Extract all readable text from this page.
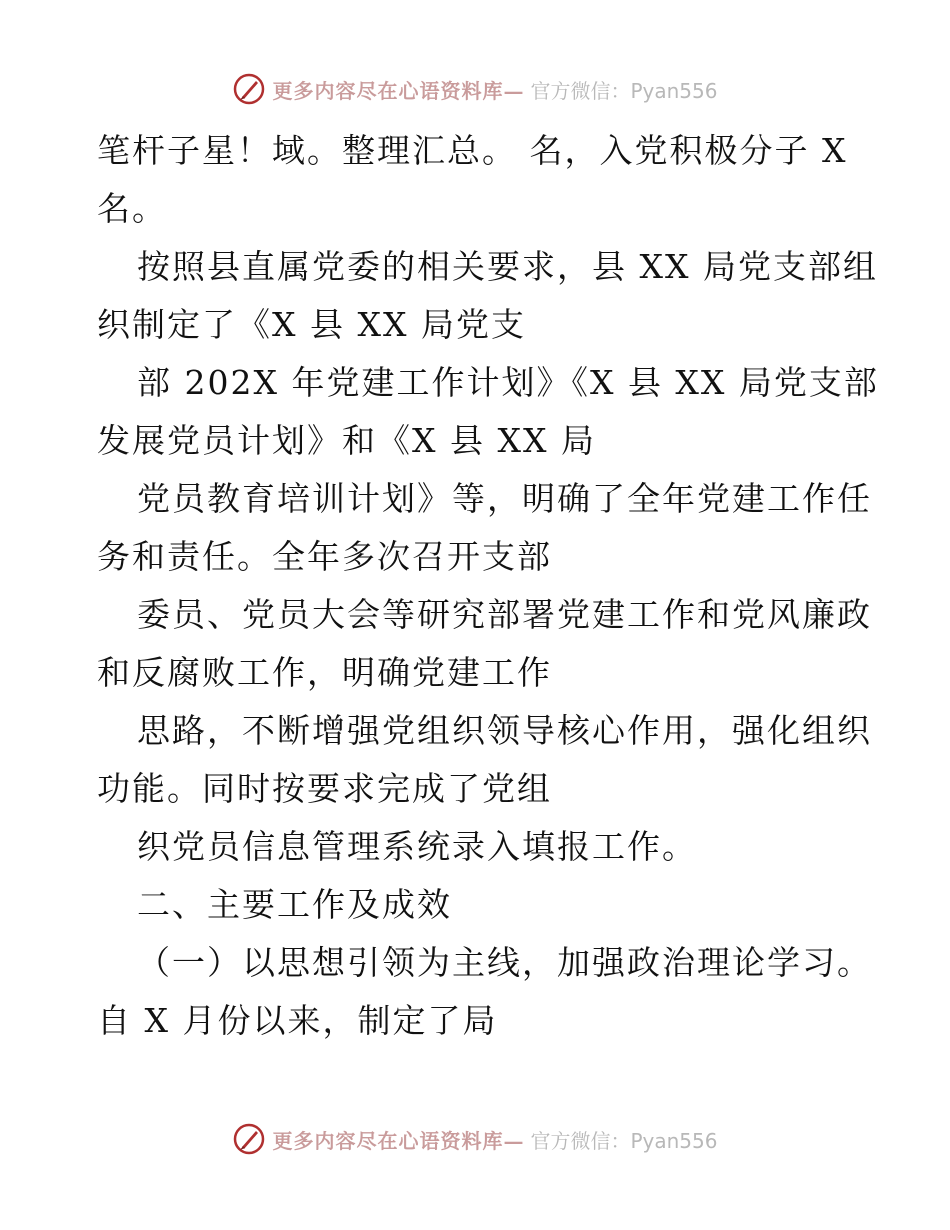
更多内容尽在心语资料库— 官方微信：Pyan556
笔杆子星！域。整理汇总。 名，入党积极分子 X
名。
按照县直属党委的相关要求，县 XX 局党支部组
织制定了《X 县 XX 局党支
部 202X 年党建工作计划》《X 县 XX 局党支部
发展党员计划》和《X 县 XX 局
党员教育培训计划》等，明确了全年党建工作任
务和责任。全年多次召开支部
委员、党员大会等研究部署党建工作和党风廉政
和反腐败工作，明确党建工作
思路，不断增强党组织领导核心作用，强化组织
功能。同时按要求完成了党组
织党员信息管理系统录入填报工作。
二、主要工作及成效
（一）以思想引领为主线，加强政治理论学习。
自 X 月份以来，制定了局
更多内容尽在心语资料库— 官方微信：Pyan556
